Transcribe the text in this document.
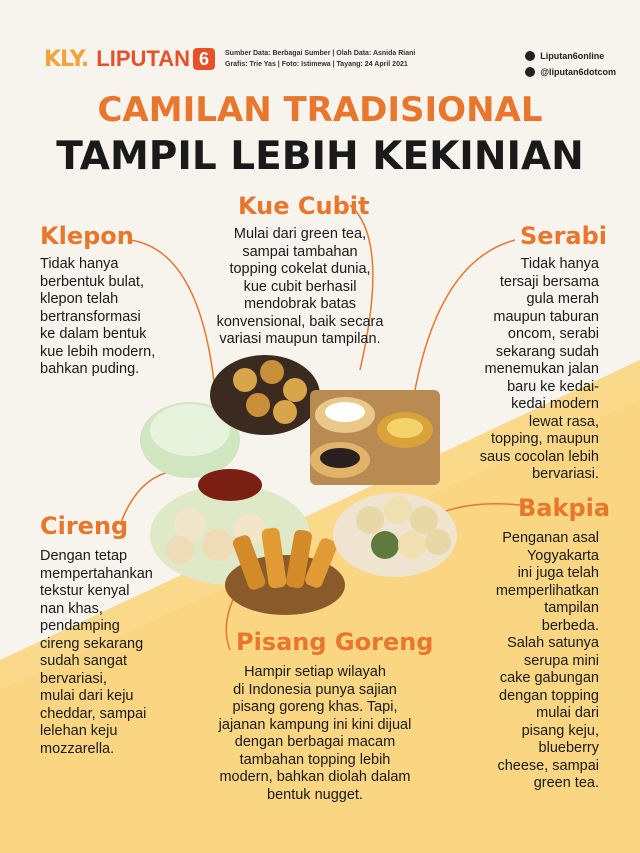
KLY. LIPUTAN 6	Sumber Data: Berbagai Sumber | Olah Data: Asnida Riani
Grafis: Trie Yas | Foto: Istimewa | Tayang: 24 April 2021
Liputan6online
@liputan6dotcom
CAMILAN TRADISIONAL
TAMPIL LEBIH KEKINIAN
Klepon
Tidak hanya
berbentuk bulat,
klepon telah
bertransformasi
ke dalam bentuk
kue lebih modern,
bahkan puding.
Kue Cubit
Mulai dari green tea,
sampai tambahan
topping cokelat dunia,
kue cubit berhasil
mendobrak batas
konvensional, baik secara
variasi maupun tampilan.
Serabi
Tidak hanya
tersaji bersama
gula merah
maupun taburan
oncom, serabi
sekarang sudah
menemukan jalan
baru ke kedai-
kedai modern
lewat rasa,
topping, maupun
saus cocolan lebih
bervariasi.
Cireng
Dengan tetap
mempertahankan
tekstur kenyal
nan khas,
pendamping
cireng sekarang
sudah sangat
bervariasi,
mulai dari keju
cheddar, sampai
lelehan keju
mozzarella.
Bakpia
Penganan asal
Yogyakarta
ini juga telah
memperlihatkan
tampilan
berbeda.
Salah satunya
serupa mini
cake gabungan
dengan topping
mulai dari
pisang keju,
blueberry
cheese, sampai
green tea.
Pisang Goreng
Hampir setiap wilayah
di Indonesia punya sajian
pisang goreng khas. Tapi,
jajanan kampung ini kini dijual
dengan berbagai macam
tambahan topping lebih
modern, bahkan diolah dalam
bentuk nugget.
